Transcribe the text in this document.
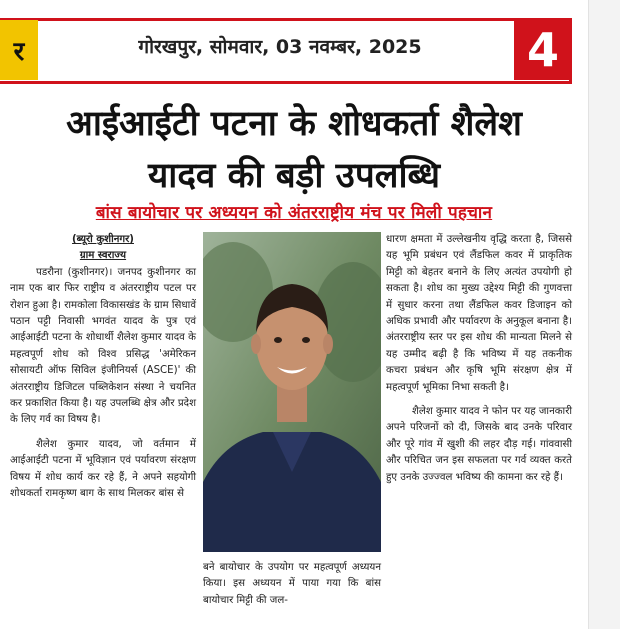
र	गोरखपुर, सोमवार, 03 नवम्बर, 2025	4
आईआईटी पटना के शोधकर्ता शैलेश
यादव की बड़ी उपलब्धि
बांस बायोचार पर अध्ययन को अंतरराष्ट्रीय मंच पर मिली पहचान

(ब्यूरो कुशीनगर)

ग्राम स्वराज्य

पडरौना (कुशीनगर)। जनपद कुशीनगर का नाम एक बार फिर राष्ट्रीय व अंतरराष्ट्रीय पटल पर रोशन हुआ है। रामकोला विकासखंड के ग्राम सिधावें पठान पट्टी निवासी भगवंत यादव के पुत्र एवं आईआईटी पटना के शोधार्थी शैलेश कुमार यादव के महत्वपूर्ण शोध को विश्व प्रसिद्ध 'अमेरिकन सोसायटी ऑफ सिविल इंजीनियर्स (ASCE)' की अंतरराष्ट्रीय डिजिटल पब्लिकेशन संस्था ने चयनित कर प्रकाशित किया है। यह उपलब्धि क्षेत्र और प्रदेश के लिए गर्व का विषय है।

शैलेश कुमार यादव, जो वर्तमान में आईआईटी पटना में भूविज्ञान एवं पर्यावरण संरक्षण विषय में शोध कार्य कर रहे हैं, ने अपने सहयोगी शोधकर्ता रामकृष्ण बाग के साथ मिलकर बांस से

बने बायोचार के उपयोग पर महत्वपूर्ण अध्ययन किया। इस अध्ययन में पाया गया कि बांस बायोचार मिट्टी की जल-

धारण क्षमता में उल्लेखनीय वृद्धि करता है, जिससे यह भूमि प्रबंधन एवं लैंडफिल कवर में प्राकृतिक मिट्टी को बेहतर बनाने के लिए अत्यंत उपयोगी हो सकता है। शोध का मुख्य उद्देश्य मिट्टी की गुणवत्ता में सुधार करना तथा लैंडफिल कवर डिजाइन को अधिक प्रभावी और पर्यावरण के अनुकूल बनाना है। अंतरराष्ट्रीय स्तर पर इस शोध की मान्यता मिलने से यह उम्मीद बढ़ी है कि भविष्य में यह तकनीक कचरा प्रबंधन और कृषि भूमि संरक्षण क्षेत्र में महत्वपूर्ण भूमिका निभा सकती है।

शैलेश कुमार यादव ने फोन पर यह जानकारी अपने परिजनों को दी, जिसके बाद उनके परिवार और पूरे गांव में खुशी की लहर दौड़ गई। गांववासी और परिचित जन इस सफलता पर गर्व व्यक्त करते हुए उनके उज्ज्वल भविष्य की कामना कर रहे हैं।
